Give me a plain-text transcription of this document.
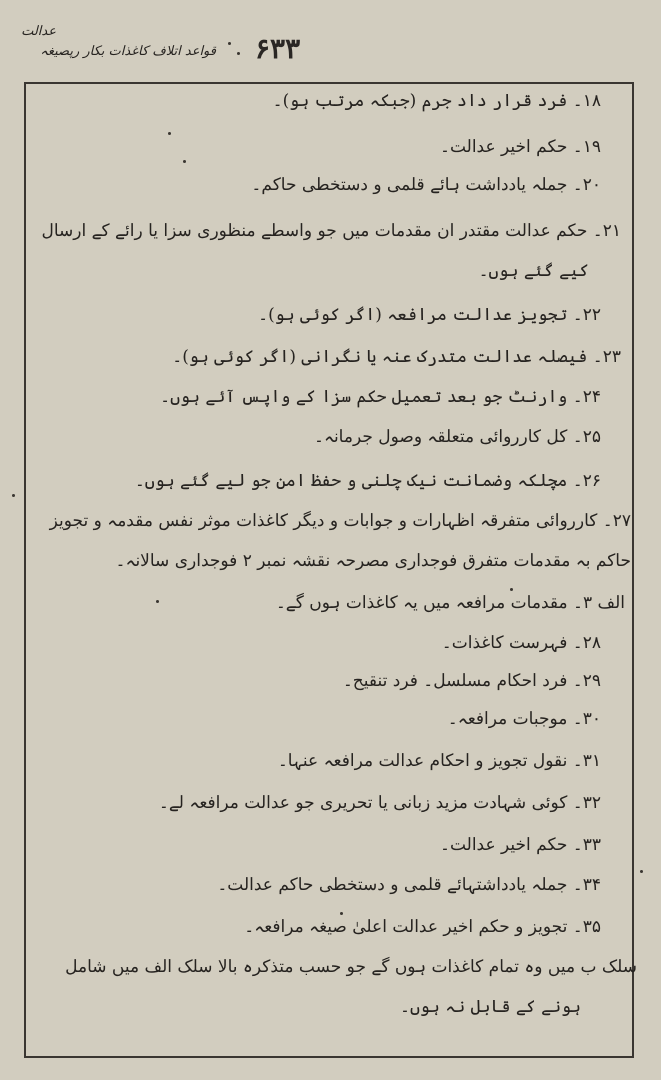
عدالت
قواعد اتلاف کاغذات بکار رپصیغہ ۶۳۳
۱۸۔ فرد قرار داد جرم (جبکہ مرتب ہو)۔
۱۹۔ حکم اخیر عدالت۔
۲۰۔ جملہ یادداشت ہائے قلمی و دستخطی حاکم۔
۲۱۔ حکم عدالت مقتدر ان مقدمات میں جو واسطے منظوری سزا یا رائے کے ارسال
کیے گئے ہوں۔
۲۲۔ تجویز عدالت مرافعہ (اگر کوئی ہو)۔
۲۳۔ فیصلہ عدالت متدرک عنہ یا نگرانی (اگر کوئی ہو)۔
۲۴۔ وارنٹ جو بعد تعمیل حکم سزا کے واپس آئے ہوں۔
۲۵۔ کل کارروائی متعلقہ وصول جرمانہ۔
۲۶۔ مچلکہ وضمانت نیک چلنی و حفظ امن جو لیے گئے ہوں۔
۲۷۔ کارروائی متفرقہ اظہارات و جوابات و دیگر کاغذات موثر نفس مقدمہ و تجویز
حاکم بہ مقدمات متفرق فوجداری مصرحہ نقشہ نمبر ۲ فوجداری سالانہ۔
الف ۳۔ مقدمات مرافعہ میں یہ کاغذات ہوں گے۔
۲۸۔ فہرست کاغذات۔
۲۹۔ فرد احکام مسلسل۔ فرد تنقیح۔
۳۰۔ موجبات مرافعہ۔
۳۱۔ نقول تجویز و احکام عدالت مرافعہ عنہا۔
۳۲۔ کوئی شہادت مزید زبانی یا تحریری جو عدالت مرافعہ لے۔
۳۳۔ حکم اخیر عدالت۔
۳۴۔ جملہ یادداشتہائے قلمی و دستخطی حاکم عدالت۔
۳۵۔ تجویز و حکم اخیر عدالت اعلیٰ صیغہ مرافعہ۔
سلک ب میں وہ تمام کاغذات ہوں گے جو حسب متذکرہ بالا سلک الف میں شامل
ہونے کے قابل نہ ہوں۔
